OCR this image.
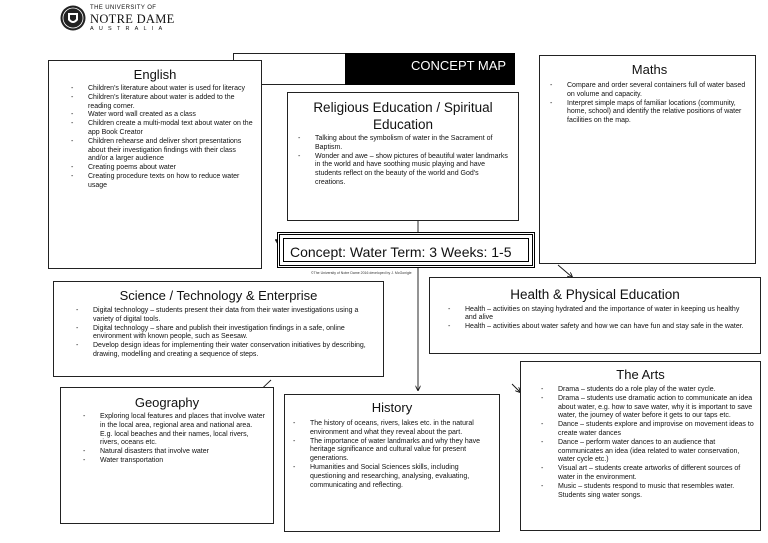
THE UNIVERSITY OF
NOTRE DAME
AUSTRALIA
CONCEPT MAP
English
- Children's literature about water is used for literacy
- Children's literature about water is added to the reading corner.
- Water word wall created as a class
- Children create a multi-modal text about water on the app Book Creator
- Children rehearse and deliver short presentations about their investigation findings with their class and/or a larger audience
- Creating poems about water
- Creating procedure texts on how to reduce water usage
Religious Education / Spiritual Education
- Talking about the symbolism of water in the Sacrament of Baptism.
- Wonder and awe – show pictures of beautiful water landmarks in the world and have soothing music playing and have students reflect on the beauty of the world and God's creations.
Maths
- Compare and order several containers full of water based on volume and capacity.
- Interpret simple maps of familiar locations (community, home, school) and identify the relative positions of water facilities on the map.
Concept: Water Term: 3 Weeks: 1-5
©The University of Notre Dame 2016 developed by J. McGonigle
Science / Technology & Enterprise
- Digital technology – students present their data from their water investigations using a variety of digital tools.
- Digital technology – share and publish their investigation findings in a safe, online environment with known people, such as Seesaw.
- Develop design ideas for implementing their water conservation initiatives by describing, drawing, modelling and creating a sequence of steps.
Health & Physical Education
- Health – activities on staying hydrated and the importance of water in keeping us healthy and alive
- Health – activities about water safety and how we can have fun and stay safe in the water.
Geography
- Exploring local features and places that involve water in the local area, regional area and national area. E.g. local beaches and their names, local rivers, rivers, oceans etc.
- Natural disasters that involve water
- Water transportation
History
- The history of oceans, rivers, lakes etc. in the natural environment and what they reveal about the part.
- The importance of water landmarks and why they have heritage significance and cultural value for present generations.
- Humanities and Social Sciences skills, including questioning and researching, analysing, evaluating, communicating and reflecting.
The Arts
- Drama – students do a role play of the water cycle.
- Drama – students use dramatic action to communicate an idea about water, e.g. how to save water, why it is important to save water, the journey of water before it gets to our taps etc.
- Dance – students explore and improvise on movement ideas to create water dances
- Dance – perform water dances to an audience that communicates an idea (idea related to water conservation, water cycle etc.)
- Visual art – students create artworks of different sources of water in the environment.
- Music – students respond to music that resembles water. Students sing water songs.
